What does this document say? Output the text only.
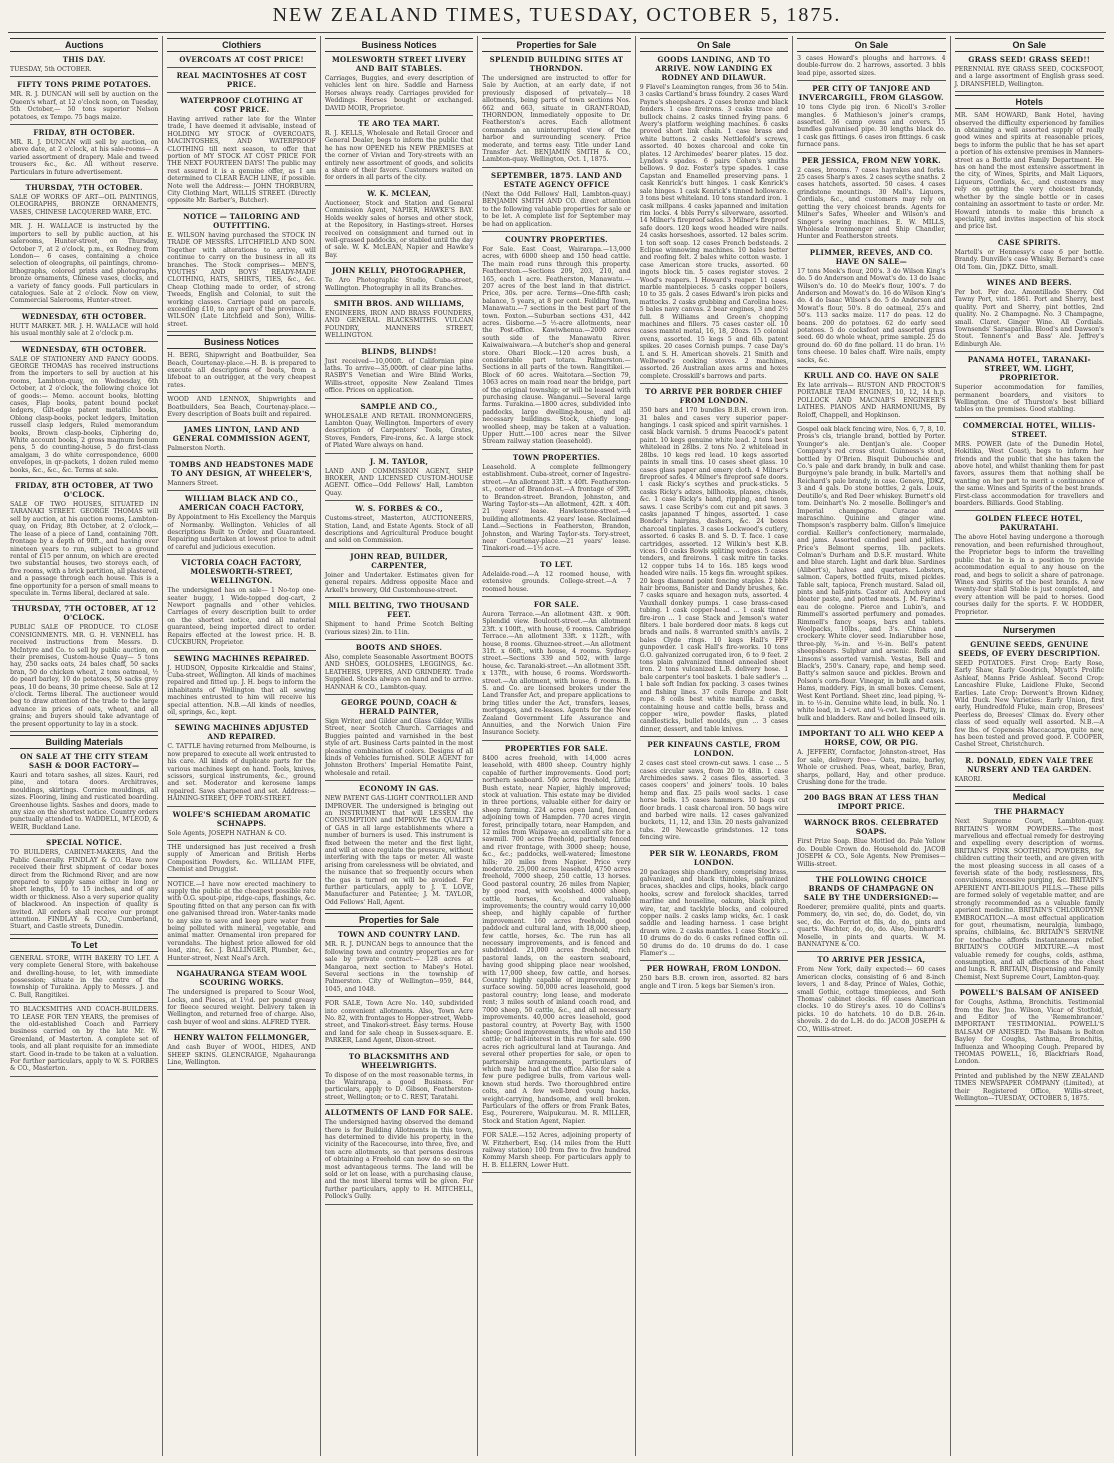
NEW ZEALAND TIMES, TUESDAY, OCTOBER 5, 1875.
Auctions
THIS DAY.
TUESDAY, 5th OCTOBER.
FIFTY TONS PRIME POTATOES.
MR. R. J. DUNCAN will sell by auction on the Queen's wharf, at 12 o'clock noon, on Tuesday, 5th October,— 50 tons superior Nelson potatoes, ex Tempo. 75 bags maize.
FRIDAY, 8TH OCTOBER.
MR. R. J. DUNCAN will sell by auction, on above date, at 2 o'clock, at his sale-rooms— A varied assortment of drapery. Male and tweed trousers &c., &c. All without reserve. Particulars in future advertisement.
THURSDAY, 7TH OCTOBER.
SALE OF WORKS OF ART—OIL PAINTINGS, OLEOGRAPHS, BRONZE ORNAMENTS, VASES, CHINESE LACQUERED WARE, ETC.
MR. J. H. WALLACE is instructed by the importers to sell by public auction, at his salerooms, Hunter-street, on Thursday, October 7, at 2 o'clock, p.m., ex Rodney, from London— 6 cases, containing a choice selection of oleographs, oil paintings, chromo-lithographs, colored prints and photographs, bronze ornaments, Chinese vases, clocks, and a variety of fancy goods. Full particulars in catalogues. Sale at 2 o'clock. Now on view, Commercial Salerooms, Hunter-street.
WEDNESDAY, 6TH OCTOBER.
HUTT MARKET. MR. J. H. WALLACE will hold his usual monthly sale at 2 o'clock p.m.
WEDNESDAY, 6TH OCTOBER.
SALE OF STATIONERY AND FANCY GOODS. GEORGE THOMAS has received instructions from the importers to sell by auction at his rooms, Lambton-quay, on Wednesday, 6th October, at 2 o'clock, the following choice lot of goods:— Memo. account books, blotting cases, Flap books, patent bound pocket ledgers, Gilt-edge patent metallic books, Oblong clasp-books, pocket ledgers, Imitation russell clasp ledgers, Ruled memorandum books, Brown clasp-books, Ciphering do, White account books, 2 gross magnum bonum pens, 5 do counting-house, 5 do first-class amalgam, 3 do white correspondence, 6000 envelopes, in qr-packets, 1 dozen ruled memo books, &c., &c., &c. Terms at sale.
FRIDAY, 8TH OCTOBER, AT TWO O'CLOCK.
SALE OF TWO HOUSES, SITUATED IN TARANAKI STREET. GEORGE THOMAS will sell by auction, at his auction rooms, Lambton-quay, on Friday, 8th October, at 2 o'clock,— The lease of a piece of Land, containing 70ft. frontage by a depth of 90ft., and having over nineteen years to run, subject to a ground rental of £15 per annum, on which are erected two substantial houses, two storeys each, of five rooms, with a brick partition, all plastered, and a passage through each house. This is a fine opportunity for a person of small means to speculate in. Terms liberal, declared at sale.
THURSDAY, 7TH OCTOBER, AT 12 O'CLOCK.
PUBLIC SALE OF PRODUCE. TO CLOSE CONSIGNMENTS. MR. G. H. VENNELL has received instructions from Messrs. D. McIntyre and Co. to sell by public auction, on their premises, Custom-house Quay— 5 tons hay, 250 sacks oats, 24 bales chaff, 50 sacks bran, 50 do chicken wheat, 2 tons oatmeal, ½ do pearl barley, 10 do potatoes, 50 sacks grey peas, 10 do beans, 30 prime cheese. Sale at 12 o'clock. Terms liberal. The auctioneer would beg to draw attention of the trade to the large advance in prices of oats, wheat, and all grains; and buyers should take advantage of the present opportunity to lay in a stock.
Building Materials
ON SALE AT THE CITY STEAM SASH & DOOR FACTORY—
Kauri and totara sashes, all sizes. Kauri, red pine, and totara doors. Architraves, mouldings, skirtings. Cornice mouldings, all sizes. Flooring, lining and rusticated boarding. Greenhouse lights. Sashes and doors, made to any size on the shortest notice. Country orders punctually attended to. WADDELL, M'LEOD, & WEIR, Buckland Lane.
SPECIAL NOTICE.
TO BUILDERS, CABINET-MAKERS, And the Public Generally. FINDLAY & CO. Have now received their first shipment of cedar boxes direct from the Richmond River, and are now prepared to supply same either in long or short lengths, 10 to 15 inches, and of any width or thickness. Also a very superior quality of blackwood. An inspection of quality is invited. All orders shall receive our prompt attention. FINDLAY & CO., Cumberland, Stuart, and Castle streets, Dunedin.
To Let
GENERAL STORE, WITH BAKERY TO LET. A very complete General Store, with bakehouse and dwelling-house, to let, with immediate possession; situate in the centre of the township of Turakina. Apply to Messrs. J. and C. Bull, Rangitikei.
TO BLACKSMITHS AND COACH-BUILDERS. TO LEASE FOR TEN YEARS, the premises of the old-established Coach and Farriery business carried on by the late Mr. W. Greenland, of Masterton. A complete set of tools, and all plant requisite for an immediate start. Good in-trade to be taken at a valuation. For further particulars, apply to W. S. FORBES & CO., Masterton.
Clothiers
OVERCOATS AT COST PRICE!
REAL MACINTOSHES AT COST PRICE.
WATERPROOF CLOTHING AT COST PRICE.
Having arrived rather late for the Winter trade, I have deemed it advisable, instead of HOLDING MY STOCK of OVERCOATS, MACINTOSHES, AND WATERPROOF CLOTHING till next season, to offer that portion of MY STOCK AT COST PRICE FOR THE NEXT FOURTEEN DAYS! The public may rest assured it is a genuine offer, as I am determined to CLEAR EACH LINE, if possible. Note well the Address:— JOHN THORBURN, City Clothing Mart, WILLIS STREET. (Directly opposite Mr. Barber's, Butcher).
NOTICE — TAILORING AND OUTFITTING.
E. WILSON having purchased the STOCK IN TRADE OF MESSRS. LITCHFIELD AND SON. Together with alterations to arrive, will continue to carry on the business in all its branches. The Stock comprises— MEN'S, YOUTHS' AND BOYS' READY-MADE CLOTHING, HATS, SHIRTS, TIES, &c., &c. Cheap Clothing made to order, of strong Tweeds, English and Colonial, to suit the working classes. Carriage paid on parcels, exceeding £10, to any part of the province. E. WILSON (Late Litchfield and Son), Willis-street.
Business Notices
H. BERG, Shipwright and Boatbuilder, Sea Beach, Courtenay-place.—H. B. is prepared to execute all descriptions of boats, from a lifeboat to an outrigger, at the very cheapest rates.
WOOD AND LENNOX, Shipwrights and Boatbuilders, Sea Beach, Courtenay-place.—Every description of Boats built and repaired.
JAMES LINTON, LAND AND GENERAL COMMISSION AGENT,
Palmerston North.
TOMBS AND HEADSTONES MADE TO ANY DESIGN, AT WHEELER'S,
Manners Street.
WILLIAM BLACK AND CO., AMERICAN COACH FACTORY,
By Appointment to His Excellency the Marquis of Normanby. Wellington. Vehicles of all descriptions Built to Order, and Guaranteed. Repairing undertaken at lowest price to admit of careful and judicious execution.
VICTORIA COACH FACTORY, MOLESWORTH-STREET, WELLINGTON.
The undersigned has on sale— 1 No-top one-seater buggy, 1 Wide-topped dog-cart, 2 Newport pagnalls and other vehicles. Carriages of every description built to order on the shortest notice, and all material guaranteed, being imported direct to order. Repairs effected at the lowest price. H. B. CUCKBURN, Proprietor.
SEWING MACHINES REPAIRED.
J. HUDSON, Opposite Kirkcaldie and Stains', Cuba-street, Wellington. All kinds of machines repaired and fitted up. J. H. begs to inform the inhabitants of Wellington that all sewing machines entrusted to him will receive his special attention. N.B.—All kinds of needles, oil, springs, &c., kept.
SEWING MACHINES ADJUSTED AND REPAIRED.
C. TATTLE having returned from Melbourne, is now prepared to execute all work entrusted to his care. All kinds of duplicate parts for the various machines kept on hand. Tools, knives, scissors, surgical instruments, &c., ground and set. Moderator and kerosene lamps repaired. Saws sharpened and set. Address:— HAINING-STREET, OFF TORY-STREET.
WOLFE'S SCHIEDAM AROMATIC SCHNAPPS.
Sole Agents, JOSEPH NATHAN & CO.
THE undersigned has just received a fresh supply of American and British Herbs Composition Powders, &c. WILLIAM FIFE, Chemist and Druggist.
NOTICE.—I have now erected machinery to supply the public at the cheapest possible rate with O.G. spout-pipe, ridge-caps, flashings, &c. Spouting fitted on that any person can fix with one galvanised thread iron. Water-tanks made to any size to save and keep pure water from being polluted with mineral, vegetable, and animal matter. Ornamental iron prepared for verandahs. The highest price allowed for old lead, zinc, &c. J. BALLINGER, Plumber, &c., Hunter-street, Next Neal's Arch.
NGAHAURANGA STEAM WOOL SCOURING WORKS.
The undersigned is prepared to Scour Wool, Locks, and Pieces, at 1½d. per pound greasy for fleece secured weight. Delivery taken in Wellington, and returned free of charge. Also, cash buyer of wool and skins. ALFRED TYER.
HENRY WALTON FELLMONGER,
And cash Buyer of WOOL, HIDES, AND SHEEP SKINS. GLENCRAIGE, Ngahauranga Line, Wellington.
Business Notices
MOLESWORTH STREET LIVERY AND BAIT STABLES.
Carriages, Buggies, and every description of vehicles lent on hire. Saddle and Harness Horses always ready. Carriages provided for Weddings. Horses bought or exchanged. DAVID MOIR, Proprietor.
TE ARO TEA MART.
R. J. KELLS, Wholesale and Retail Grocer and General Dealer, begs to inform the public that he has now OPENED his NEW PREMISES at the corner of Vivian and Tory-streets with an entirely new assortment of goods, and solicits a share of their favors. Customers waited on for orders in all parts of the city.
W. K. MCLEAN,
Auctioneer, Stock and Station and General Commission Agent, NAPIER, HAWKE'S BAY. Holds weekly sales of horses and other stock, at the Repository, in Hastings-street. Horses received on consignment and turned out in well-grassed paddocks, or stabled until the day of sale. W. K. McLEAN, Napier and Hawke's Bay.
JOHN KELLY, PHOTOGRAPHER,
Te Aro Photographic Studio, Cuba-street, Wellington. Photography in all its Branches.
SMITH BROS. AND WILLIAMS,
ENGINEERS, IRON AND BRASS FOUNDERS, AND GENERAL BLACKSMITHS. VULCAN FOUNDRY, MANNERS STREET, WELLINGTON.
BLINDS, BLINDS!
Just received—10,000ft. of Californian pine laths. To arrive—35,000ft. of clear pine laths. RASBY'S Venetian and Wire Blind Works, Willis-street, opposite New Zealand Times office. Prices on application.
SAMPLE AND CO.,
WHOLESALE AND RETAIL IRONMONGERS, Lambton Quay, Wellington. Importers of every description of Carpenters' Tools, Grates, Stoves, Fenders, Fire-irons, &c. A large stock of Plated Ware always on hand.
J. M. TAYLOR,
LAND AND COMMISSION AGENT, SHIP BROKER, AND LICENSED CUSTOM-HOUSE AGENT. Office—Odd Fellows' Hall, Lambton Quay.
W. S. FORBES & CO.,
Customs-street, Masterton, AUCTIONEERS, Station, Land, and Estate Agents. Stock of all descriptions and Agricultural Produce bought and sold on Commission.
JOHN READ, BUILDER, CARPENTER,
Joiner and Undertaker. Estimates given for general repairs. Address opposite Mace and Arkell's brewery, Old Customhouse-street.
MILL BELTING, TWO THOUSAND FEET.
Shipment to hand Prime Scotch Belting (various sizes) 2in. to 11in.
BOOTS AND SHOES.
Also, complete Seasonable Assortment BOOTS AND SHOES, GOLOSHES, LEGGINGS, &c. LEATHERS, UPPERS, AND GRINDERY. Trade Supplied. Stocks always on hand and to arrive. HANNAH & CO., Lambton-quay.
GEORGE POUND, COACH & HERALD PAINTER,
Sign Writer, and Gilder and Glass Gilder, Willis Street, near Scotch Church. Carriages and Buggies painted and varnished in the best style of art. Business Carts painted in the most pleasing combination of colors. Designs of all kinds of Vehicles furnished. SOLE AGENT for Johnston Brothers' Imperial Hematite Paint, wholesale and retail.
ECONOMY IN GAS.
NEW PATENT GAS-LIGHT CONTROLLER AND IMPROVER. The undersigned is bringing out an INSTRUMENT that will LESSEN the CONSUMPTION and IMPROVE the QUALITY of GAS in all large establishments where a number of burners is used. This instrument is fixed between the meter and the first light, and will at once regulate the pressure, without interfering with the taps or meter. All waste arising from carelessness will be obviated, and the nuisance that so frequently occurs when the gas is turned on will be avoided. For further particulars, apply to J. T. LOVE, Manufacturer and Patentee; J. M. TAYLOR, Odd Fellows' Hall, Agent.
Properties for Sale
TOWN AND COUNTRY LAND.
MR. R. J. DUNCAN begs to announce that the following town and country properties are for sale by private contract:— 128 acres at Mangaroa, next section to Mabey's Hotel. Several sections in the township of Palmerston. City of Wellington—959, 844, 1045, and 1048.
FOR SALE, Town Acre No. 140, subdivided into convenient allotments. Also, Town Acre No. 82, with frontages to Hopper-street, Webb-street, and Tinakori-street. Easy terms. House and land for sale cheap in Sussex-square. E. PARKER, Land Agent, Dixon-street.
TO BLACKSMITHS AND WHEELWRIGHTS.
To dispose of on the most reasonable terms, in the Wairarapa, a good Business. For particulars, apply to D. Gibson, Featherston-street, Wellington; or to C. REST, Taratahi.
ALLOTMENTS OF LAND FOR SALE.
The undersigned having observed the demand there is for Building Allotments in this town, has determined to divide his property, in the vicinity of the Racecourse, into three, five, and ten acre allotments, so that persons desirous of obtaining a Freehold can now do so on the most advantageous terms. The land will be sold or let on lease, with a purchasing clause, and the most liberal terms will be given. For further particulars, apply to H. MITCHELL, Pollock's Gully.
Properties for Sale
SPLENDID BUILDING SITES AT THORNDON.
The undersigned are instructed to offer for Sale by Auction, at an early date, if not previously disposed of privately— 18 allotments, being parts of town sections Nos. 662 and 663, situate in GRANT-ROAD, THORNDON, Immediately opposite to Dr. Featherston's acres. Each allotment commands an uninterrupted view of the harbor and surrounding scenery. Price moderate, and terms easy. Title under Land Transfer Act. BENJAMIN SMITH & CO., Lambton-quay. Wellington, Oct. 1, 1875.
SEPTEMBER, 1875. LAND AND ESTATE AGENCY OFFICE
(Next the Odd Fellows' Hall, Lambton-quay.) BENJAMIN SMITH AND CO. direct attention to the following valuable properties for sale or to be let. A complete list for September may be had on application.
COUNTRY PROPERTIES.
For Sale. East Coast, Wairarapa.—13,000 acres, with 6000 sheep and 150 head cattle. The main road runs through this property. Featherston.—Sections 209, 203, 210, and 165, each 1 acre. Featherston, Manawatu.—207 acres of the best land in that district. Price, 30s. per acre. Terms—One-fifth cash; balance, 5 years, at 8 per cent. Feilding Town, Manawatu.—7 sections in the best part of the town. Foxton.—Suburban sections 431, 442 acres. Gisborne.—5 ½-acre allotments, near the Post-office. Kawiwhenua.—2000 acres south side of the Manawatu River. Kaiwaiwaiwara.—A butcher's shop and general store. Ohari Block.—120 acres bush, a considerable part totara. Palmerston.—Sections in all parts of the town. Rangitikei.—Block of 60 acres. Waitotara.—Section 79, 1063 acres on main road near the bridge, part of the original township; or will be leased with purchasing clause. Wanganui.—Several large farms. Turakina.—1800 acres, subdivided into paddocks, large dwelling-house, and all necessary buildings. Stock, chiefly long-woolled sheep, may be taken at a valuation. Upper Hutt.—100 acres near the Silver Stream railway station (leasehold).
TOWN PROPERTIES.
Leasehold. A complete fellmongery establishment. Cuba-street, corner of Ingestre-street.—An allotment 33ft. x 40ft. Featherston-st., corner of Brandon-st.—A frontage of 39ft. to Brandon-street. Brandon, Johnston, and Waring Taylor-sts—An allotment, 42ft. x 40ft. 21 years' lease. Hawkestone-street.—4 building allotments. 42 years' lease. Reclaimed Land.—Sections in Featherston, Brandon, Johnston, and Waring Taylor-sts. Tory-street, near Courtenay-place.—21 years' lease. Tinakori-road.—1½ acre.
TO LET.
Adelaide-road.—A 12 roomed house, with extensive grounds. College-street.—A 7 roomed house.
FOR SALE.
Aurora Terrace.—An allotment 43ft. x 90ft. Splendid view. Boulcott-street.—An allotment 23ft. x 100ft., with house, 6 rooms. Cambridge Terrace.—An allotment 33ft. x 112ft., with house, 8 rooms. Ghuznee-street.—An allotment 31ft. x 66ft., with house, 4 rooms. Sydney-street.—Sections 339 and 502, with large house, &c. Taranaki-street.—An allotment 35ft. x 137ft., with house, 6 rooms. Wordsworth-street.—An allotment, with house, 6 rooms. B. S. and Co. are licensed brokers under the Land Transfer Act, and prepare applications to bring titles under the Act, transfers, leases, mortgages, and re-leases. Agents for the New Zealand Government Life Assurance and Annuities, and the Norwich Union Fire Insurance Society.
PROPERTIES FOR SALE.
8400 acres freehold, with 14,000 acres leasehold, with 4800 sheep. Country highly capable of further improvements. Good port; northern seaboard. 500 acres freehold, Little Bush estate, near Napier, highly improved; stock at valuation. This estate may be divided in three portions, valuable either for dairy or sheep farming. 224 acres open land, fenced, adjoining town of Hampden. 770 acres virgin forest, principally totara, near Hampden, and 12 miles from Waipawa; an excellent site for a sawmill. 700 acres freehold, partially fenced and river frontage, with 3000 sheep; house, &c., &c.; paddocks, well-watered; limestone hills; 20 miles from Napier. Price very moderate. 25,000 acres leasehold, 4750 acres freehold, 7000 sheep, 250 cattle, 13 horses. Good pastoral country, 26 miles from Napier, by good road, with woolshed. 4000 sheep, cattle, horses, &c., and valuable improvements; the country would carry 10,000 sheep, and highly capable of further improvement. 160 acres freehold, good paddock and cultural land, with 18,000 sheep, few cattle, horses, &c. The run has all necessary improvements, and is fenced and subdivided. 21,000 acres freehold, rich pastoral lands, on the eastern seaboard, having good shipping place near woolshed, with 17,000 sheep, few cattle, and horses. Country highly capable of improvement by surface sowing. 50,000 acres leasehold, good pastoral country; long lease, and moderate rent; 3 miles south of inland coach road, and 7000 sheep, 50 cattle, &c., and all necessary improvements. 40,000 acres leasehold, good pastoral country, at Poverty Bay, with 1500 sheep; Good improvements, the whole and 150 cattle; or half-interest in this run for sale. 690 acres rich agricultural land at Tauranga. And several other properties for sale, or open to partnership arrangements, particulars of which may be had at the office. Also for sale a few pure pedigree bulls, from various well-known stud herds. Two thoroughbred entire colts, and A few well-bred young hacks, weight-carrying, handsome, and well broken. Particulars of the offers or from Frank Bates, Esq., Pourerere, Waipukurau. M. R. MILLER, Stock and Station Agent, Napier.
FOR SALE.—152 Acres, adjoining property of W. Fitzherbert, Esq. (14 miles from the Hutt railway station) 100 from five to five hundred Kommy Marsh sheep. For particulars apply to H. B. ELLERN, Lower Hutt.
On Sale
GOODS LANDING, AND TO ARRIVE. NOW LANDING EX RODNEY AND DILAWUR.
9 Flavel's Leamington ranges, from 36 to 54in. 3 casks Cartland's brass foundry. 2 cases Ward Payne's sheepshears. 2 cases bronze and black fenders. 1 case fireirons. 3 casks trace and bullock chains. 2 casks tinned frying pans. 6 Avery's platform weighing machines. 6 casks proved short link chain. 1 case brass and white buttons. 2 casks Nettlefold's screws, assorted. 40 boxes charcoal and coke tin plates. 12 Archimedes' bearer plates. 15 doz. Lyndon's spades. 6 pairs Cohen's smiths bellows. 9 doz. Foster's type spades. 1 case Capstan and Enamelled preserving pans. 1 cask Kenrick's butt hinges. 1 cask Kenrick's sale hinges. 1 cask Kenrick's tinned holloware. 3 tons best whiteland. 10 tons standard iron. 1 cask millpans. 4 casks japanned and imitation rim locks. 4 bbls Perry's silverware, assorted. 14 Milner's fireproof safes. 3 Milner's fireproof safe doors. 120 kegs wood headed wire nails. 24 casks horseshoes, assorted. 12 bales scrim. 1 ton soft soap. 12 cases French bedsteads. 2 Eclipse winnowing machines. 10 bales better and roofing felt. 2 bales white cotton waste. 1 case American store trucks, assorted. 60 ingots block tin. 5 cases register stoves. 2 Wood's reapers. 1 Howard's reaper. 11 cases marble mantelpieces. 5 casks copper boilers, 10 to 35 gals. 2 cases Edward's iron picks and mattocks. 2 casks grubbing and Carolina hoes. 5 bales navy canvas. 2 bear engines, 3 and 2½ full. 8 Williams and Green's chopping machines and fillers. 75 cases caster oil. 10 cases mantel metal, 16, 18, 20ozs. 15 colonial ovens, assorted. 15 kegs 5 and 6lb. patent spikes. 20 cases Cornish pumps. 7 case Day's L and S. H. American shovels. 21 Smith and Wellwood's cooking stoves. 2 machines, assorted. 26 Australian axes arms and hoxes complete. Crosskill's barrows and parts.
TO ARRIVE PER BORDER CHIEF FROM LONDON.
350 bars and 170 bundles B.B.H. crown iron. 31 bales and cases very superior paper-hangings. 1 cask spiced and spirit varnishes. 1 cask black varnish. 5 drums Peacock's patent paint. 10 kegs genuine white lead. 2 tons best whitelead in 28lbs. 2 tons No. 2 whitelead in 28lbs. 10 kegs red lead. 10 kegs assorted paints in small tins. 10 cases sheet glass. 10 cases glass paper and emery cloth. 4 Milner's fireproof safes. 4 Milner's fireproof safe doors. 1 cask Ricky's scythes and pruck-sticks. 5 casks Ricky's adzes, billhooks, planes, chisels, &c. 1 case Ricky's hand, ripping, and tenon saws. 1 case Scriby's com cut and pit saws. 3 casks japanned T hinges, assorted. 1 case Bonder's hairpins, dashers, &c. 24 boxes charcoal tinplates. 3 cases Lockwood's cutlery, assorted. 6 casks B. and S. D. T. face. 1 case cartridges, assorted. 12 Wilkin's best K.B. vices. 10 casks Bowls spliting wedges. 5 cases tenders, and fireirons. 1 cask mitre tin tacks. 12 copper tubs 14 to 16s. 185 kegs wood headed wire nails. 15 kegs fin. wrought spikes. 20 kegs diamond point fencing staples. 2 bbls hair brooms, Banister and Dandy brushes, &c. 7 casks square and hexagon nuts, assorted. 4 Vauxhall donkey pumps. 1 case brass-cased tubing. 1 cask copper-head ... 1 cask tinned fire-iron ... 1 case Stack and Jemson's water filters. 1 bale bordered door mats. 8 kegs cut brads and nails. 8 warranted smith's anvils. 2 bales Clyde rings. 10 kegs Hall's FFF gunpowder. 1 cask Hall's fire-works. 10 tons G.O. galvanized corrugated iron, 6 to 9 feet. 2 tons plain galvanized tinned annealed sheet iron. 2 tons vulcanized L.B. delivery hose. 1 bale carpenter's tool baskets. 1 bale sadler's ... 1 bale soft Indian fox packing. 3 cases twines and fishing lines. 37 coils Europe and Bolt rope. 8 coils best white manilla. 2 casks, containing house and cattle bells, brass and copper wire, powder flasks, plated candlesticks, bullet moulds, gun ... 3 cases dinner, dessert, and table knives.
PER KINFAUNS CASTLE, FROM LONDON.
2 cases cast steel crown-cut saws. 1 case ... 5 cases circular saws, from 20 to 48in. 1 case Archimedes saws. 2 cases files, assorted. 3 cases coopers' and joiners' tools. 10 bales hemp and flax. 25 pails wool sacks. 1 case horse bells. 15 cases hammers. 10 bags cut floor brads. 1 cask charcoal iron. 50 bags wire and barbed wire nails. 12 cases galvanized buckets, 11, 12, and 13in. 20 nests galvanized tubs. 20 Newcastle grindstones. 12 tons fencing wire.
PER SIR W. LEONARDS, FROM LONDON.
20 packages ship chandlery, comprising brass, galvanized, and black thimbles, galvanized braces, shackles and clips, hooks, black cargo hooks, screw and forelock shackles, tarred marline and houseline, oakum, black pitch, wire, tar, and tacklyle blocks, and coloured copper nails. 2 casks lamp wicks, &c. 1 cask saddle and leading harness. 1 case bright drawn wire. 2 casks mantles. 1 case Stock's ... 10 drums do do do. 6 casks refined coffin oil. 50 drums do do. 10 drums do do. 1 case Flamer's ...
PER HOWRAH, FROM LONDON.
250 bars B.B. crown iron, assorted. 82 bars angle and T iron. 5 kegs bar Siemen's iron.
On Sale
3 cases Howard's ploughs and harrows. 4 double-furrow do. 2 harrows, assorted. 3 bbls lead pipe, assorted sizes.
PER CITY OF TANJORE AND INVERCARGILL, FROM GLASGOW.
10 tons Clyde pig iron. 6 Nicoll's 3-roller mangles. 6 Mathieson's joiner's cramps, assorted. 36 camp ovens and covers. 15 bundles galvanised pipe. 30 lengths black do. 1 cask gas fittings. 6 cases iron fittings. 6 cask furnace pans.
PER JESSICA, FROM NEW YORK.
2 cases, brooms. 7 cases hayrakes and forks. 25 cases Sharp's axes. 2 cases scythe snaths. 2 cases hatchets, assorted. 50 cases. 4 cases grindstone mountings. 30 Mall's. Liquors, Cordials, &c., and customers may rely on getting the very choicest brands. Agents for Milner's Safes, Wheeler and Wilson's and Singer's sewing machines. E. W. MILLS, Wholesale Ironmonger and Ship Chandler, Hunter and Featherston streets.
PLIMMER, REEVES, AND CO. HAVE ON SALE—
17 tons Meek's flour, 200's. 3 do Wilson King's do. 5 do Anderson and Mowat's do. 13 do Isaac Wilson's do. 10 do Meek's flour, 100's. 7 do Anderson and Mowat's do. 16 do Wilson King's do. 4 do Isaac Wilson's do. 5 do Anderson and Mowat's flour, 50's. 8 do oatmeal, 25's and 50's. 113 sacks maize. 117 do peas. 12 do beans. 200 do potatoes. 62 do early seed potatoes. 5 do cocksfoot and assorted grass seed. 60 do whole wheat, prime sample. 25 do ground do. 60 do fine pollard. 11 do bran. 1½ tons cheese. 10 bales chaff. Wire nails, empty sacks, &c.
KRULL AND CO. HAVE ON SALE
Ex late arrivals— RUSTON AND PROCTOR'S PORTABLE TEAM ENGINES, 10, 12, 14 h.p. POLLOCK AND MACNAB'S ENGINEER'S LATHES. PIANOS AND HARMONIUMS, By Roloff, Chappell, and Hopkinson.
Gospel oak black fencing wire, Nos. 6, 7, 8, 10. Pross's cls, triangle brand, bottled by Porter. Younger's ale. Dentjan's ale. Cooper Company's red cross stout. Guinness's stout, bottled by O'Brien. Bisquit Dubouchée and Co.'s pale and dark brandy, in bulk and case. Burgoyne's pale brandy, in bulk. Martell's and Reichard's pale brandy, in case. Geneva, JDKZ, 3 and 4 gals. Do stone bottles, 2 gals. Louis, Deutillo's, and Red Deer whiskey. Burnett's old tom. Deinhart's No. 2 moselle. Bollinger's and Imperial champagne. Curacao and maraschino. Quinine and ginger wine. Thompson's raspberry balm. Gillon's limejuice cordial. Keiller's confectionery, marmalade, and jams. Assorted candied peel and jellies. Price's Belmont sperms, 1lb. packets. Colman's Durham and D.S.F. mustard. White and blue starch. Light and dark blue. Sardines (Alibert's), halves and quarters. Lobsters, salmon. Capers, bottled fruits, mixed pickles. Table salt, tapioca, French mustard. Salad oil, pints and half-pints. Castor oil. Anchovy and bloater paste, and potted meats. J. M. Farina's eau de cologne. Pierce and Lubin's, and Rimmell's assorted perfumery and pomades. Rimmell's fancy soaps, bars and tablets. Woolpacks, 10lbs., and 3's. China and crockery. White clover seed. Indiarubber hose, three-ply, ¾-in. and ½-in. Bell's patent sheepshears. Sulphur and arsenic. Rolls and Linsons's assorted varnish. Vestas, Bell and Black's, 250's. Canary, rape, and hemp seed. Batty's salmon sauce and pickles. Brown and Polson's corn-flour. Vinegar, in bulk and cases. Hams, maddery. Figs, in small boxes. Cement, West Kent Portland. Sheet zinc, lead piping, ¾-in. to ½-in. Genuine white lead, in bulk. No. 1 white lead, in 1-cwt. and ¼-cwt. kegs. Putty, in bulk and bladders. Raw and boiled linseed oils.
IMPORTANT TO ALL WHO KEEP A HORSE, COW, OR PIG.
A. JEFFERY, Cornfactor, Johnston-street, Has for sale, delivery free— Oats, maize, barley, Whole or crushed. Peas, wheat, barley, Bran, sharps, pollard, Hay, and other produce. Crushing done for the trade.
200 BAGS BRAN AT LESS THAN IMPORT PRICE.
WARNOCK BROS. CELEBRATED SOAPS.
First Prize Soap. Blue Mottled do. Pale Yellow do. Double Crown do. Household do. JACOB JOSEPH & CO., Sole Agents. New Premises—Willis-street.
THE FOLLOWING CHOICE BRANDS OF CHAMPAGNE ON SALE BY THE UNDERSIGNED:—
Roederer, première qualité, pints and quarts. Pommery, do, vin sec, do, do. Godet, do, vin sec, do, do. Ferriot et fils, do, do, pints and quarts. Wachter, do, do, do. Also, Deinhardt's Moselle, in pints and quarts. W. M. BANNATYNE & CO.
TO ARRIVE PER JESSICA,
From New York, daily expected:— 60 cases American clocks, consisting of 6 and 8-inch levers, 1 and 8-day, Prince of Wales, Gothic, small Gothic, cottage timepieces, and Seth Thomas' cabinet clocks. 60 cases American clocks. 10 do Stirey's axes. 10 do Collins's picks. 10 do hatchets. 10 do D.B. 26-in. shovels. 2 do do L.H. do do. JACOB JOSEPH & CO., Willis-street.
On Sale
GRASS SEED! GRASS SEED!!
PERENNIAL RYE GRASS SEED, COCKSFOOT, and a large assortment of English grass seed. J. DRANSFIELD, Wellington.
Hotels
MR. SAM HOWARD, Bank Hotel, having observed the difficulty experienced by families in obtaining a well assorted supply of really good wines and spirits at reasonable prices, begs to inform the public that he has set apart a portion of his extensive premises in Manners-street as a Bottle and Family Department. He has on hand the most extensive assortment in the city, of Wines, Spirits, and Malt Liquors, Liqueurs, Cordials, &c., and customers may rely on getting the very choicest brands, whether by the single bottle or in cases containing an assortment to taste or order. Mr. Howard intends to make this branch a speciality, and invites inspection of his stock and price list.
CASE SPIRITS.
Martell's or Hennessy's case 6 per bottle. Brandy. Dunville's case Whisky. Bernard's case Old Tom. Gin, JDKZ. Ditto, small.
WINES AND BEERS.
Per bot. Per doz. Amontillado Sherry. Old Tawny Port, vint. 1861. Port and Sherry, best quality. Port and Sherry, pint bottles, 2nd quality. No. 2 Champagne. No. 3 Champagne, small. Claret. Ginger Wine. All Cordials. Townsends' Sarsaparilla. Blood's and Dawson's Stout. Tennent's and Bass' Ale. Jeffrey's Edinburgh Ale.
PANAMA HOTEL, TARANAKI-STREET, WM. LIGHT, PROPRIETOR.
Superior accommodation for families, permanent boarders, and visitors to Wellington. One of Thurston's best billiard tables on the premises. Good stabling.
COMMERCIAL HOTEL, WILLIS-STREET.
MRS. POWER (late of the Dunedin Hotel, Hokitika, West Coast), begs to inform her friends and the public that she has taken the above hotel, and whilst thanking them for past favors, assures them that nothing shall be wanting on her part to merit a continuance of the same. Wines and Spirits of the best brands. First-class accommodation for travellers and boarders. Billiards. Good Stabling.
GOLDEN FLEECE HOTEL, PAKURATAHI.
The above Hotel having undergone a thorough renovation, and been refurnished throughout, the Proprietor begs to inform the travelling public that he is in a position to provide accommodation equal to any house on the road, and begs to solicit a share of patronage. Wines and Spirits of the best brands. A new twenty-four stall Stable is just completed, and every attention will be paid to horses. Good courses daily for the sports. F. W. HODDER, Proprietor.
Nurserymen
GENUINE SEEDS, GENUINE SEEDS, OF EVERY DESCRIPTION.
SEED POTATOES. First Crop: Early Rose, Early Shaw, Early Goodrich, Myatt's Prolific Ashleaf, Manns Pride Ashleaf. Second Crop: Lancashire Fluke, Laidlone Fluke, Second Earlies. Late Crop: Derwent's Brown Kidney, Wild Duck. New Varieties: Early Union, first early, Hundredfold Fluke, main crop, Bresees' Peerless do, Breeses' Climax do. Every other class of seed equally well assorted. N.B.—A few lbs. of Copenesis Maccacarpa, quite new, has been tested and proved good. F. COOPER, Cashel Street, Christchurch.
R. DONALD, EDEN VALE TREE NURSERY AND TEA GARDEN.
KARORI.
Medical
THE PHARMACY
Next Supreme Court, Lambton-quay. BRITAIN'S WORM POWDERS.—The most marvellous and effectual remedy for destroying and expelling every description of worms. BRITAIN'S PINK SOOTHING POWDERS, for children cutting their teeth, and are given with the most pleasing success in all cases of a feverish state of the body, restlessness, fits, convulsions, excessive purging, &c. BRITAIN'S APERIENT ANTI-BILIOUS PILLS.—These pills are formed solely of vegetable matter, and are strongly recommended as a valuable family aperient medicine. BRITAIN'S CHLORODYNE EMBROCATION.—A most effectual application for gout, rheumatism, neuralgia, lumbago, sprains, chilblains, &c. BRITAIN'S SERVINE for toothache affords instantaneous relief. BRITAIN'S COUGH MIXTURE.—A most valuable remedy for coughs, colds, asthma, consumption, and all affections of the chest and lungs. R. BRITAIN, Dispensing and Family Chemist, Next Supreme Court, Lambton-quay.
POWELL'S BALSAM OF ANISEED
for Coughs, Asthma, Bronchitis. Testimonial from the Rev. Jno. Wilson, Vicar of Stotfold, and Editor of the 'Remembrancer.' IMPORTANT TESTIMONIAL. POWELL'S BALSAM OF ANISEED. The Balsam is Bolton Bayley for Coughs, Asthma, Bronchitis, Influenza and Whooping Cough. Prepared by THOMAS POWELL, 16, Blackfriars Road, London.
Printed and published by the NEW ZEALAND TIMES NEWSPAPER COMPANY (Limited), at their Registered Office, Willis-street, Wellington—TUESDAY, OCTOBER 5, 1875.
